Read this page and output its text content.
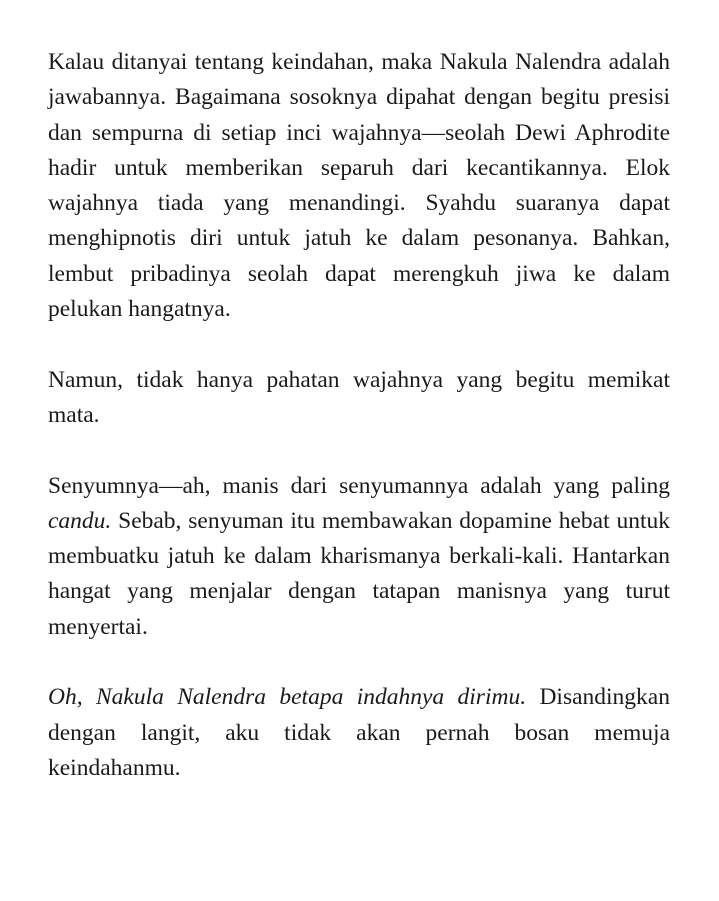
Kalau ditanyai tentang keindahan, maka Nakula Nalendra adalah jawabannya. Bagaimana sosoknya dipahat dengan begitu presisi dan sempurna di setiap inci wajahnya—seolah Dewi Aphrodite hadir untuk memberikan separuh dari kecantikannya. Elok wajahnya tiada yang menandingi. Syahdu suaranya dapat menghipnotis diri untuk jatuh ke dalam pesonanya. Bahkan, lembut pribadinya seolah dapat merengkuh jiwa ke dalam pelukan hangatnya.

Namun, tidak hanya pahatan wajahnya yang begitu memikat mata.

Senyumnya—ah, manis dari senyumannya adalah yang paling candu. Sebab, senyuman itu membawakan dopamine hebat untuk membuatku jatuh ke dalam kharismanya berkali-kali. Hantarkan hangat yang menjalar dengan tatapan manisnya yang turut menyertai.

Oh, Nakula Nalendra betapa indahnya dirimu. Disandingkan dengan langit, aku tidak akan pernah bosan memuja keindahanmu.
